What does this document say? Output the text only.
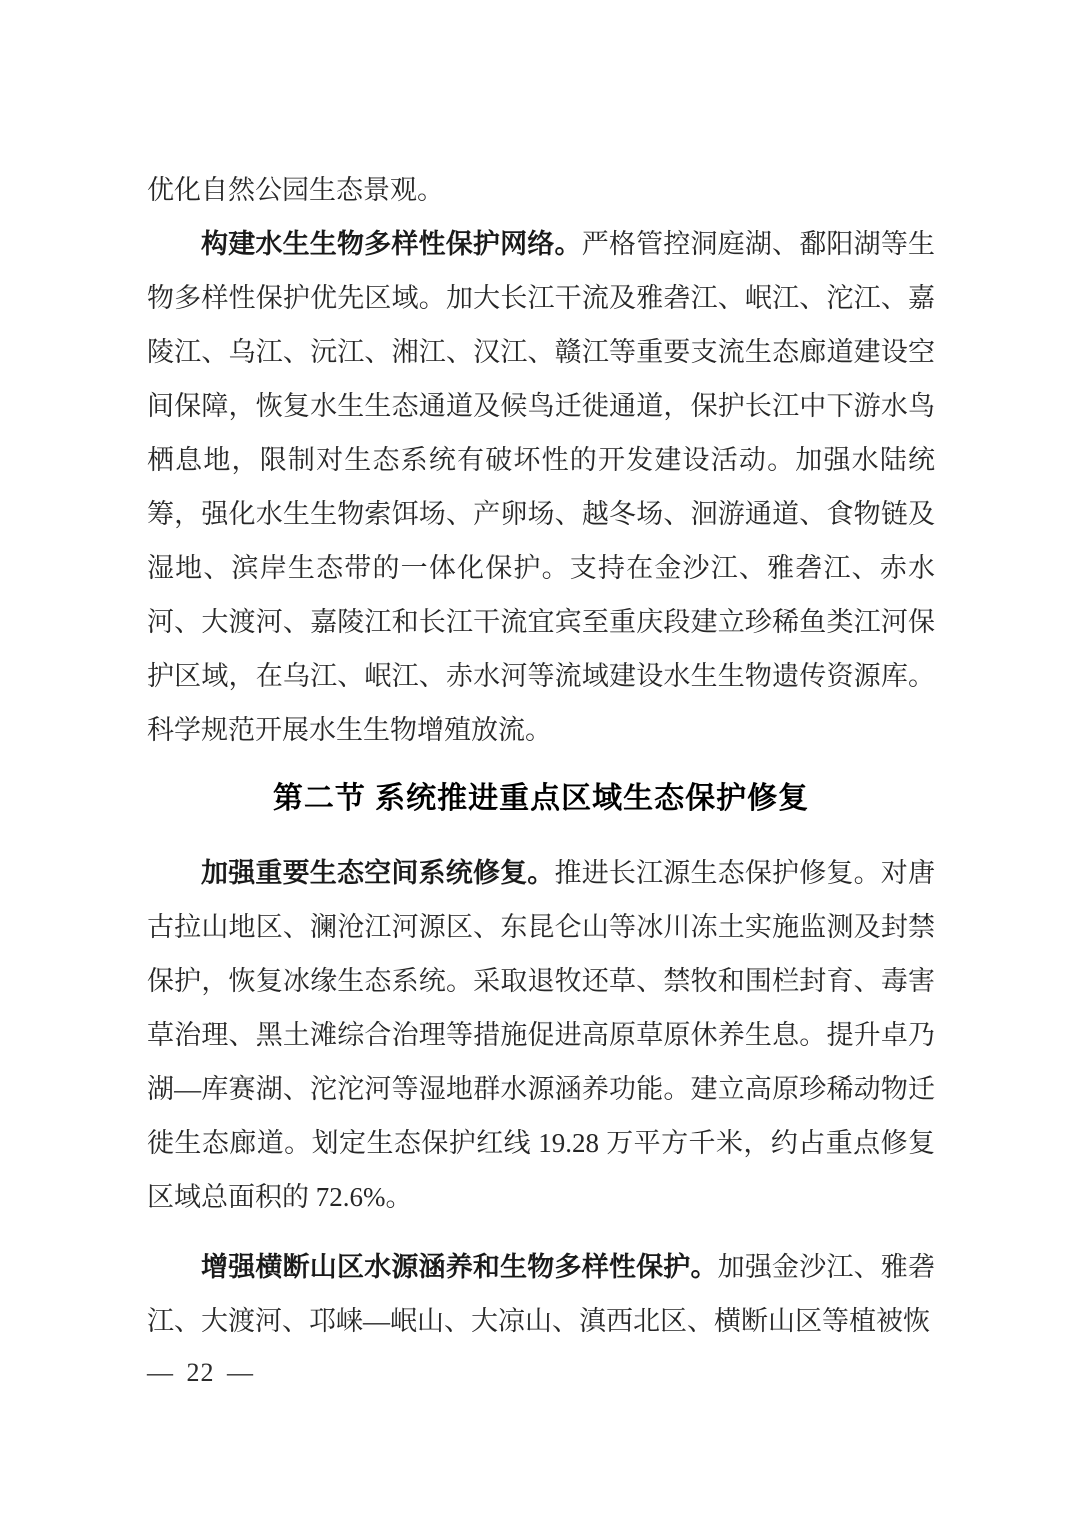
优化自然公园生态景观。

构建水生生物多样性保护网络。严格管控洞庭湖、鄱阳湖等生物多样性保护优先区域。加大长江干流及雅砻江、岷江、沱江、嘉陵江、乌江、沅江、湘江、汉江、赣江等重要支流生态廊道建设空间保障，恢复水生生态通道及候鸟迁徙通道，保护长江中下游水鸟栖息地，限制对生态系统有破坏性的开发建设活动。加强水陆统筹，强化水生生物索饵场、产卵场、越冬场、洄游通道、食物链及湿地、滨岸生态带的一体化保护。支持在金沙江、雅砻江、赤水河、大渡河、嘉陵江和长江干流宜宾至重庆段建立珍稀鱼类江河保护区域，在乌江、岷江、赤水河等流域建设水生生物遗传资源库。科学规范开展水生生物增殖放流。

第二节 系统推进重点区域生态保护修复

加强重要生态空间系统修复。推进长江源生态保护修复。对唐古拉山地区、澜沧江河源区、东昆仑山等冰川冻土实施监测及封禁保护，恢复冰缘生态系统。采取退牧还草、禁牧和围栏封育、毒害草治理、黑土滩综合治理等措施促进高原草原休养生息。提升卓乃湖—库赛湖、沱沱河等湿地群水源涵养功能。建立高原珍稀动物迁徙生态廊道。划定生态保护红线 19.28 万平方千米，约占重点修复区域总面积的 72.6%。

增强横断山区水源涵养和生物多样性保护。加强金沙江、雅砻江、大渡河、邛崃—岷山、大凉山、滇西北区、横断山区等植被恢

— 22 —
